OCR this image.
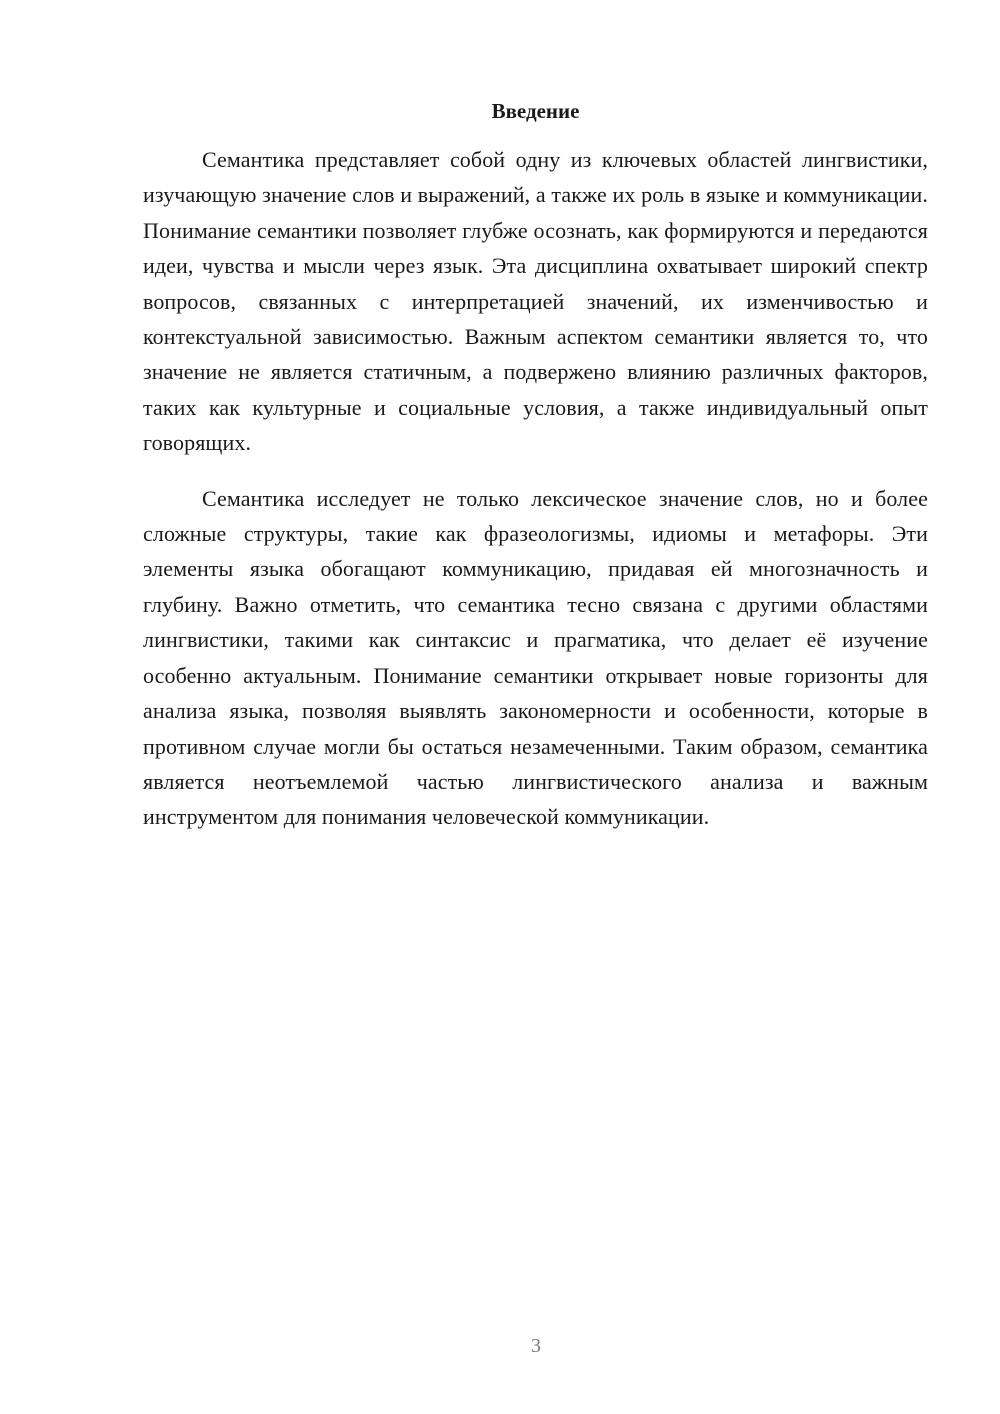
Введение

Семантика представляет собой одну из ключевых областей лингвистики, изучающую значение слов и выражений, а также их роль в языке и коммуникации. Понимание семантики позволяет глубже осознать, как формируются и передаются идеи, чувства и мысли через язык. Эта дисциплина охватывает широкий спектр вопросов, связанных с интерпретацией значений, их изменчивостью и контекстуальной зависимостью. Важным аспектом семантики является то, что значение не является статичным, а подвержено влиянию различных факторов, таких как культурные и социальные условия, а также индивидуальный опыт говорящих.

Семантика исследует не только лексическое значение слов, но и более сложные структуры, такие как фразеологизмы, идиомы и метафоры. Эти элементы языка обогащают коммуникацию, придавая ей многозначность и глубину. Важно отметить, что семантика тесно связана с другими областями лингвистики, такими как синтаксис и прагматика, что делает её изучение особенно актуальным. Понимание семантики открывает новые горизонты для анализа языка, позволяя выявлять закономерности и особенности, которые в противном случае могли бы остаться незамеченными. Таким образом, семантика является неотъемлемой частью лингвистического анализа и важным инструментом для понимания человеческой коммуникации.

3
